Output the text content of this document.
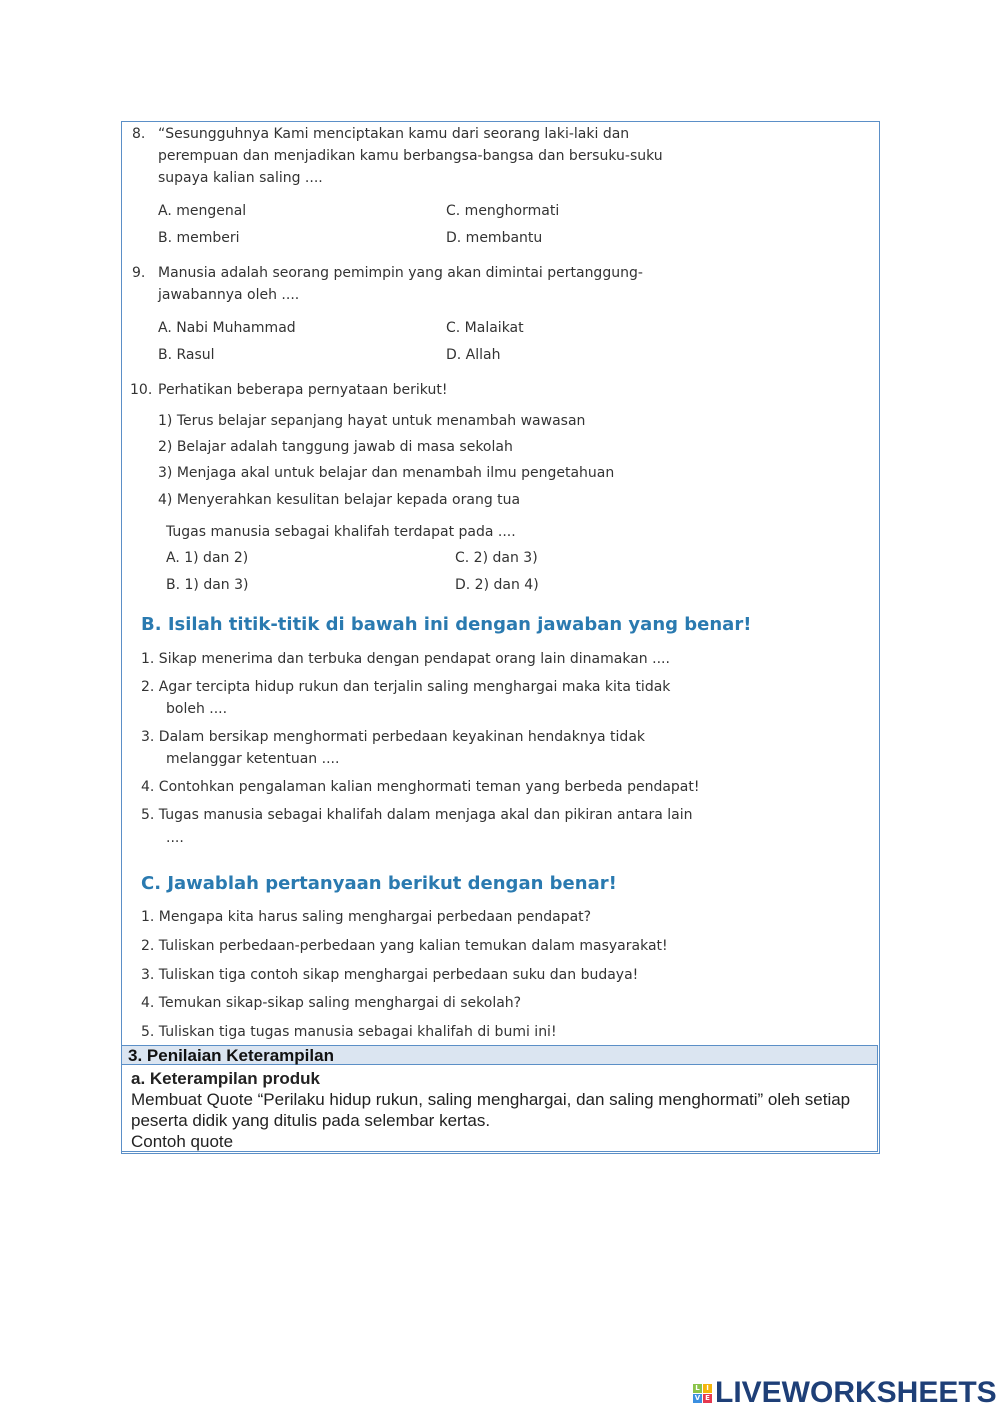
8. “Sesungguhnya Kami menciptakan kamu dari seorang laki-laki dan
perempuan dan menjadikan kamu berbangsa-bangsa dan bersuku-suku
supaya kalian saling ....
A. mengenal
B. memberi
C. menghormati
D. membantu
9. Manusia adalah seorang pemimpin yang akan dimintai pertanggung-
jawabannya oleh ....
A. Nabi Muhammad
B. Rasul
C. Malaikat
D. Allah
10. Perhatikan beberapa pernyataan berikut!
1) Terus belajar sepanjang hayat untuk menambah wawasan
2) Belajar adalah tanggung jawab di masa sekolah
3) Menjaga akal untuk belajar dan menambah ilmu pengetahuan
4) Menyerahkan kesulitan belajar kepada orang tua
Tugas manusia sebagai khalifah terdapat pada ....
A. 1) dan 2)
B. 1) dan 3)
C. 2) dan 3)
D. 2) dan 4)
B. Isilah titik-titik di bawah ini dengan jawaban yang benar!
1. Sikap menerima dan terbuka dengan pendapat orang lain dinamakan ....
2. Agar tercipta hidup rukun dan terjalin saling menghargai maka kita tidak
boleh ....
3. Dalam bersikap menghormati perbedaan keyakinan hendaknya tidak
melanggar ketentuan ....
4. Contohkan pengalaman kalian menghormati teman yang berbeda pendapat!
5. Tugas manusia sebagai khalifah dalam menjaga akal dan pikiran antara lain
....
C. Jawablah pertanyaan berikut dengan benar!
1. Mengapa kita harus saling menghargai perbedaan pendapat?
2. Tuliskan perbedaan-perbedaan yang kalian temukan dalam masyarakat!
3. Tuliskan tiga contoh sikap menghargai perbedaan suku dan budaya!
4. Temukan sikap-sikap saling menghargai di sekolah?
5. Tuliskan tiga tugas manusia sebagai khalifah di bumi ini!
3. Penilaian Keterampilan
a. Keterampilan produk
Membuat Quote “Perilaku hidup rukun, saling menghargai, dan saling menghormati” oleh setiap peserta didik yang ditulis pada selembar kertas.
Contoh quote
L I
V E LIVEWORKSHEETS
